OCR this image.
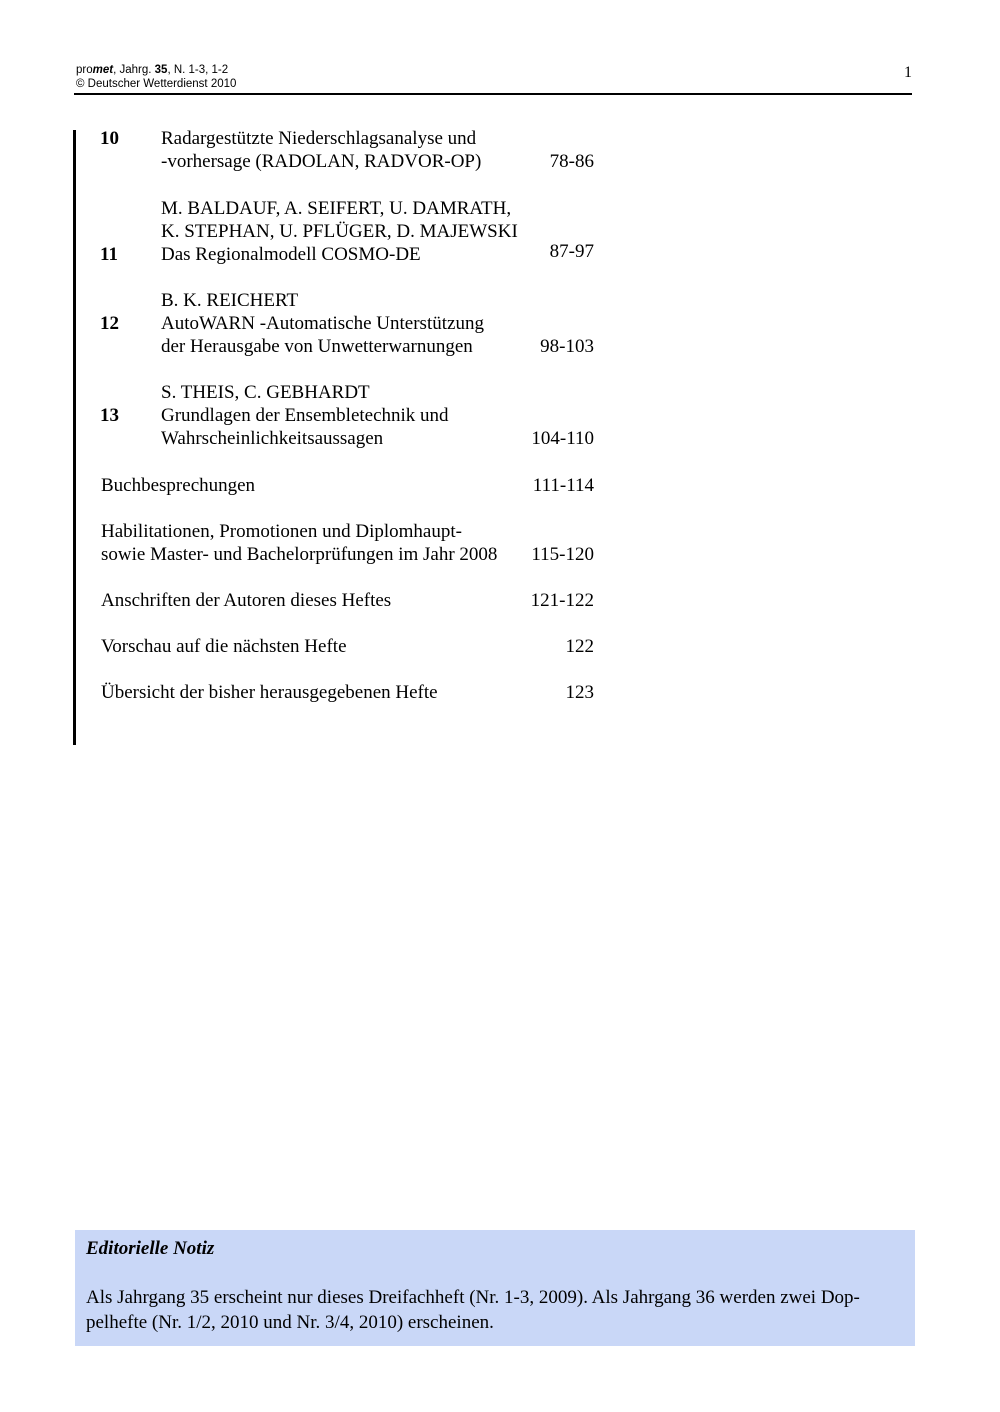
promet, Jahrg. 35, N. 1-3, 1-2
© Deutscher Wetterdienst 2010
1
10 Radargestützte Niederschlagsanalyse und
-vorhersage (RADOLAN, RADVOR-OP)	78-86
M. BALDAUF, A. SEIFERT, U. DAMRATH,
K. STEPHAN, U. PFLÜGER, D. MAJEWSKI
11 Das Regionalmodell COSMO-DE	87-97
B. K. REICHERT
12 AutoWARN -Automatische Unterstützung
der Herausgabe von Unwetterwarnungen	98-103
S. THEIS, C. GEBHARDT
13 Grundlagen der Ensembletechnik und
Wahrscheinlichkeitsaussagen	104-110
Buchbesprechungen	111-114
Habilitationen, Promotionen und Diplomhaupt-
sowie Master- und Bachelorprüfungen im Jahr 2008 115-120
Anschriften der Autoren dieses Heftes	121-122
Vorschau auf die nächsten Hefte	122
Übersicht der bisher herausgegebenen Hefte	123
Editorielle Notiz
Als Jahrgang 35 erscheint nur dieses Dreifachheft (Nr. 1-3, 2009). Als Jahrgang 36 werden zwei Dop-
pelhefte (Nr. 1/2, 2010 und Nr. 3/4, 2010) erscheinen.
